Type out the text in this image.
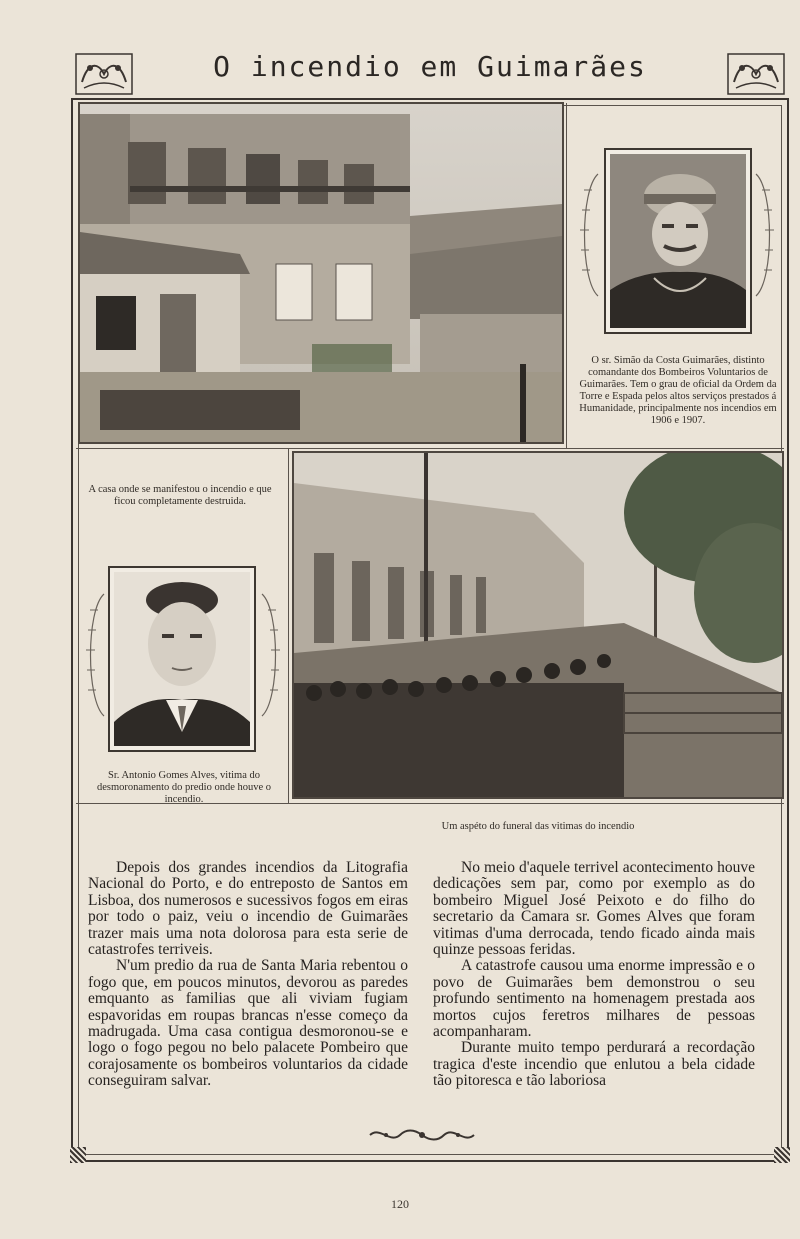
O incendio em Guimarães
A casa onde se manifestou o incendio e que ficou completamente destruida.
O sr. Simão da Costa Guimarães, distinto comandante dos Bombeiros Voluntarios de Guimarães. Tem o grau de oficial da Ordem da Torre e Espada pelos altos serviços prestados á Humanidade, principalmente nos incendios em 1906 e 1907.
Sr. Antonio Gomes Alves, vitima do desmoronamento do predio onde houve o incendio.
Um aspéto do funeral das vitimas do incendio

Depois dos grandes incendios da Litografia Nacional do Porto, e do entreposto de Santos em Lisboa, dos numerosos e sucessivos fogos em eiras por todo o paiz, veiu o incendio de Guimarães trazer mais uma nota dolorosa para esta serie de catastrofes terriveis.

N'um predio da rua de Santa Maria rebentou o fogo que, em poucos minutos, devorou as paredes emquanto as familias que ali viviam fugiam espavoridas em roupas brancas n'esse começo da madrugada. Uma casa contigua desmoronou-se e logo o fogo pegou no belo palacete Pombeiro que corajosamente os bombeiros voluntarios da cidade conseguiram salvar.

No meio d'aquele terrivel acontecimento houve dedicações sem par, como por exemplo as do bombeiro Miguel José Peixoto e do filho do secretario da Camara sr. Gomes Alves que foram vitimas d'uma derrocada, tendo ficado ainda mais quinze pessoas feridas.

A catastrofe causou uma enorme impressão e o povo de Guimarães bem demonstrou o seu profundo sentimento na homenagem prestada aos mortos cujos feretros milhares de pessoas acompanharam.

Durante muito tempo perdurará a recordação tragica d'este incendio que enlutou a bela cidade tão pitoresca e tão laboriosa

120
